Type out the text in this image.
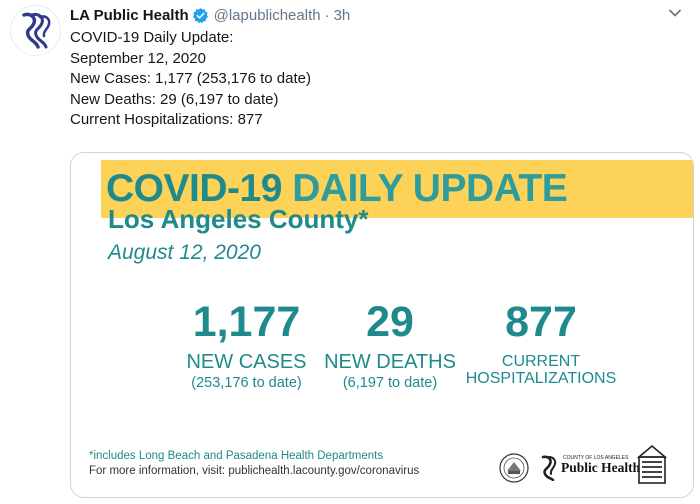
LA Public Health @lapublichealth · 3h
COVID-19 Daily Update:
September 12, 2020
New Cases: 1,177 (253,176 to date)
New Deaths: 29 (6,197 to date)
Current Hospitalizations: 877
COVID-19 DAILY UPDATE
Los Angeles County*
August 12, 2020
1,177
NEW CASES
(253,176 to date)
29
NEW DEATHS
(6,197 to date)
877
CURRENT
HOSPITALIZATIONS
*includes Long Beach and Pasadena Health Departments
For more information, visit: publichealth.lacounty.gov/coronavirus
COUNTY OF LOS ANGELES
Public Health
